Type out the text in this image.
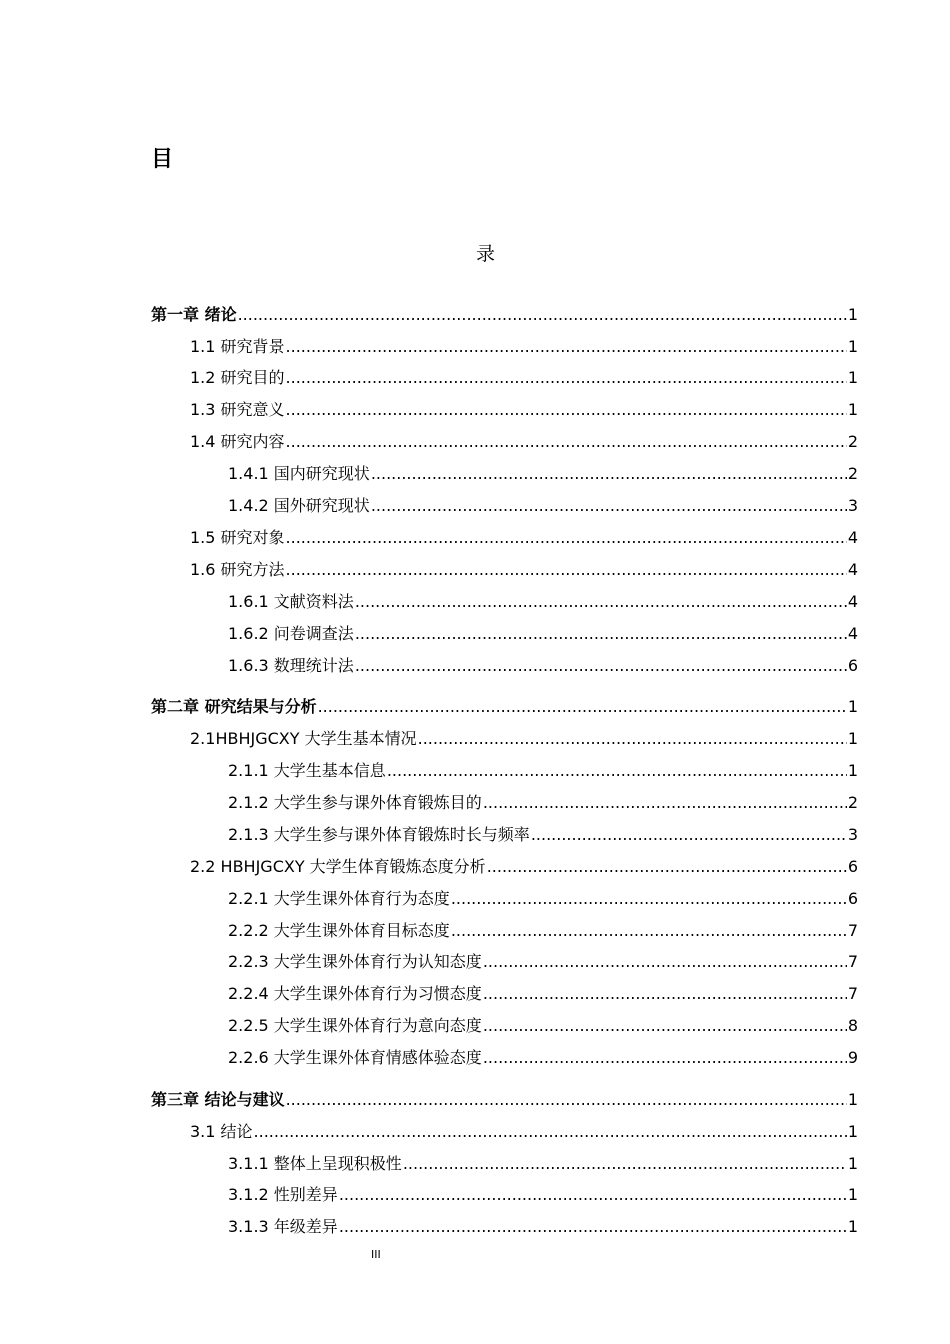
目
录
第一章 绪论 .....	1
1.1 研究背景 .....	1
1.2 研究目的 .....	1
1.3 研究意义 .....	1
1.4 研究内容 .....	2
1.4.1 国内研究现状 .....	2
1.4.2 国外研究现状 .....	3
1.5 研究对象 .....	4
1.6 研究方法 .....	4
1.6.1 文献资料法 .....	4
1.6.2 问卷调查法 .....	4
1.6.3 数理统计法 .....	6
第二章 研究结果与分析 .....	1
2.1HBHJGCXY 大学生基本情况 .....	1
2.1.1 大学生基本信息 .....	1
2.1.2 大学生参与课外体育锻炼目的 .....	2
2.1.3 大学生参与课外体育锻炼时长与频率 .....	3
2.2 HBHJGCXY 大学生体育锻炼态度分析 .....	6
2.2.1 大学生课外体育行为态度 .....	6
2.2.2 大学生课外体育目标态度 .....	7
2.2.3 大学生课外体育行为认知态度 .....	7
2.2.4 大学生课外体育行为习惯态度 .....	7
2.2.5 大学生课外体育行为意向态度 .....	8
2.2.6 大学生课外体育情感体验态度 .....	9
第三章 结论与建议 .....	1
3.1 结论 .....	1
3.1.1 整体上呈现积极性 .....	1
3.1.2 性别差异 .....	1
3.1.3 年级差异 .....	1
III
